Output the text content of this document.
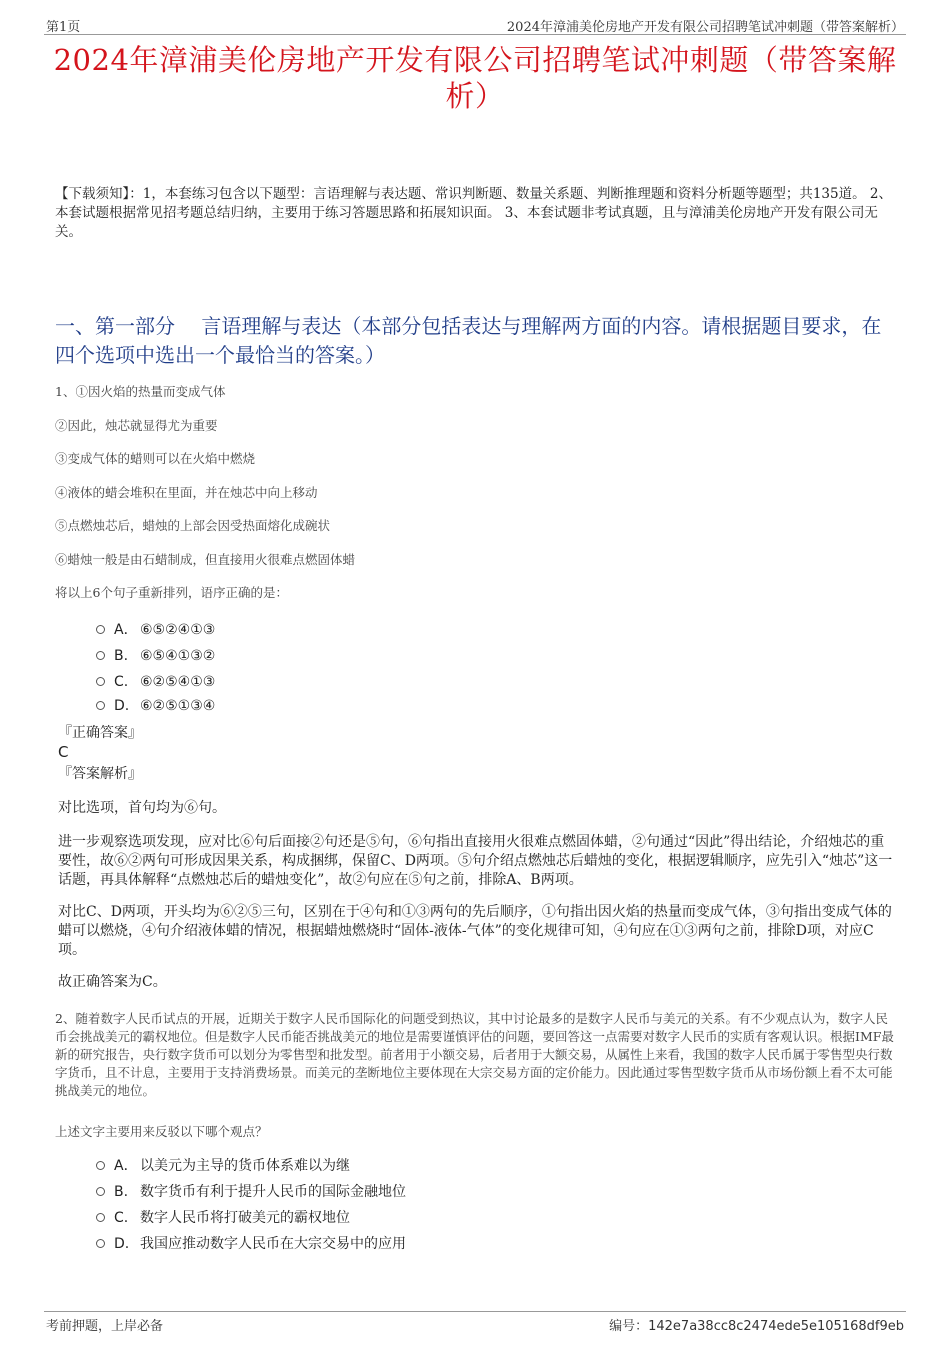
第1页	2024年漳浦美伦房地产开发有限公司招聘笔试冲刺题（带答案解析）
2024年漳浦美伦房地产开发有限公司招聘笔试冲刺题（带答案解析）
【下载须知】：1，本套练习包含以下题型：言语理解与表达题、常识判断题、数量关系题、判断推理题和资料分析题等题型；共135道。 2、本套试题根据常见招考题总结归纳，主要用于练习答题思路和拓展知识面。 3、本套试题非考试真题，且与漳浦美伦房地产开发有限公司无关。
一、第一部分　 言语理解与表达（本部分包括表达与理解两方面的内容。请根据题目要求，在四个选项中选出一个最恰当的答案。）
1、①因火焰的热量而变成气体
②因此，烛芯就显得尤为重要
③变成气体的蜡则可以在火焰中燃烧
④液体的蜡会堆积在里面，并在烛芯中向上移动
⑤点燃烛芯后，蜡烛的上部会因受热面熔化成碗状
⑥蜡烛一般是由石蜡制成，但直接用火很难点燃固体蜡
将以上6个句子重新排列，语序正确的是：
A． ⑥⑤②④①③
B. ⑥⑤④①③②
C. ⑥②⑤④①③
D. ⑥②⑤①③④
『正确答案』
C
『答案解析』
对比选项，首句均为⑥句。
进一步观察选项发现，应对比⑥句后面接②句还是⑤句，⑥句指出直接用火很难点燃固体蜡，②句通过“因此”得出结论，介绍烛芯的重要性，故⑥②两句可形成因果关系，构成捆绑，保留C、D两项。⑤句介绍点燃烛芯后蜡烛的变化，根据逻辑顺序，应先引入“烛芯”这一话题，再具体解释“点燃烛芯后的蜡烛变化”，故②句应在⑤句之前，排除A、B两项。
对比C、D两项，开头均为⑥②⑤三句，区别在于④句和①③两句的先后顺序，①句指出因火焰的热量而变成气体，③句指出变成气体的蜡可以燃烧，④句介绍液体蜡的情况，根据蜡烛燃烧时“固体-液体-气体”的变化规律可知，④句应在①③两句之前，排除D项，对应C项。
故正确答案为C。
2、随着数字人民币试点的开展，近期关于数字人民币国际化的问题受到热议，其中讨论最多的是数字人民币与美元的关系。有不少观点认为，数字人民币会挑战美元的霸权地位。但是数字人民币能否挑战美元的地位是需要谨慎评估的问题，要回答这一点需要对数字人民币的实质有客观认识。根据IMF最新的研究报告，央行数字货币可以划分为零售型和批发型。前者用于小额交易，后者用于大额交易，从属性上来看，我国的数字人民币属于零售型央行数字货币，且不计息，主要用于支持消费场景。而美元的垄断地位主要体现在大宗交易方面的定价能力。因此通过零售型数字货币从市场份额上看不太可能挑战美元的地位。
上述文字主要用来反驳以下哪个观点？
A． 以美元为主导的货币体系难以为继
B. 数字货币有利于提升人民币的国际金融地位
C. 数字人民币将打破美元的霸权地位
D. 我国应推动数字人民币在大宗交易中的应用
考前押题，上岸必备	编号：142e7a38cc8c2474ede5e105168df9eb
